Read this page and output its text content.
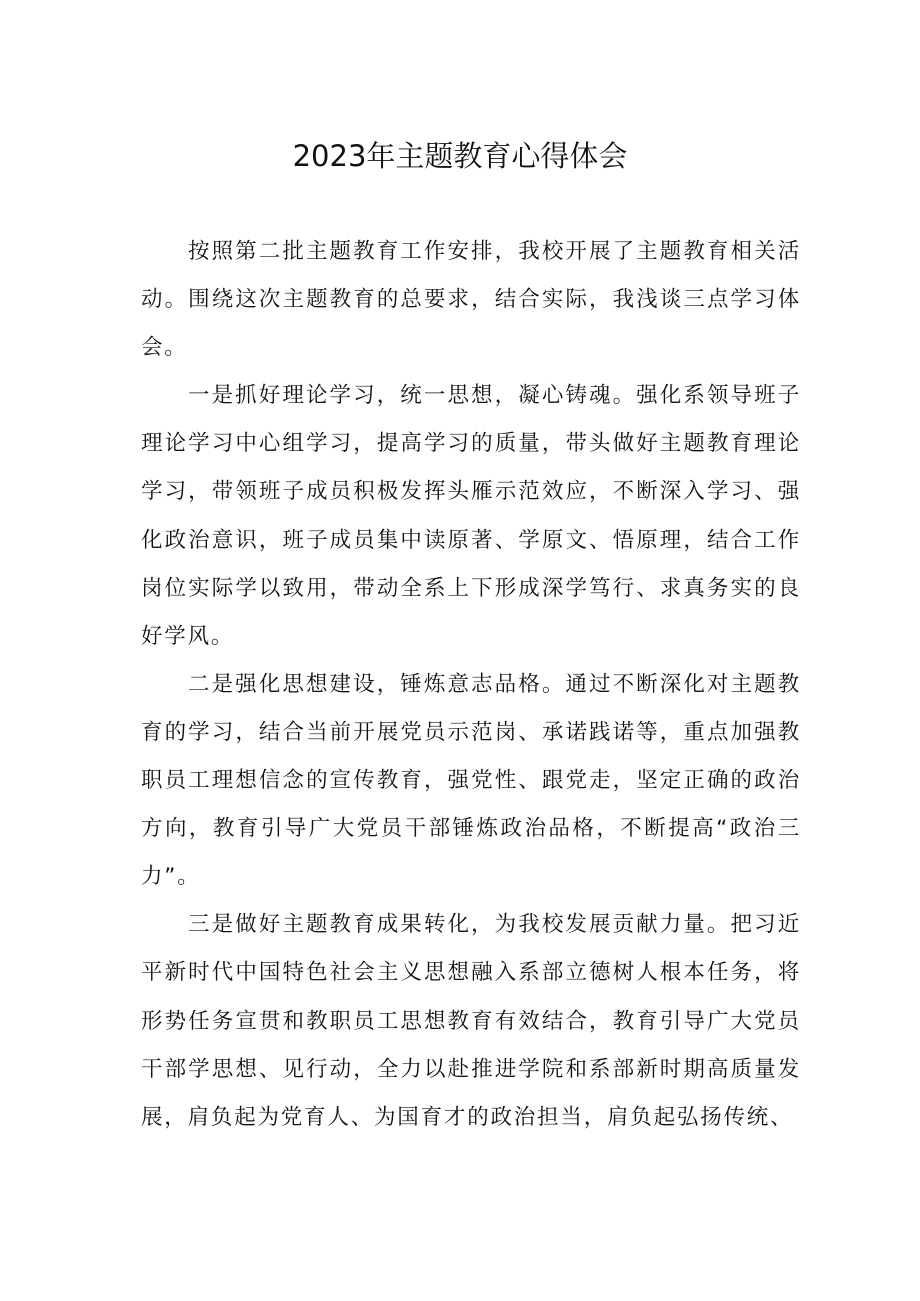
2023年主题教育心得体会

按照第二批主题教育工作安排，我校开展了主题教育相关活动。围绕这次主题教育的总要求，结合实际，我浅谈三点学习体会。

一是抓好理论学习，统一思想，凝心铸魂。强化系领导班子理论学习中心组学习，提高学习的质量，带头做好主题教育理论学习，带领班子成员积极发挥头雁示范效应，不断深入学习、强化政治意识，班子成员集中读原著、学原文、悟原理，结合工作岗位实际学以致用，带动全系上下形成深学笃行、求真务实的良好学风。

二是强化思想建设，锤炼意志品格。通过不断深化对主题教育的学习，结合当前开展党员示范岗、承诺践诺等，重点加强教职员工理想信念的宣传教育，强党性、跟党走，坚定正确的政治方向，教育引导广大党员干部锤炼政治品格，不断提高“政治三力”。

三是做好主题教育成果转化，为我校发展贡献力量。把习近平新时代中国特色社会主义思想融入系部立德树人根本任务，将形势任务宣贯和教职员工思想教育有效结合，教育引导广大党员干部学思想、见行动，全力以赴推进学院和系部新时期高质量发展，肩负起为党育人、为国育才的政治担当，肩负起弘扬传统、
